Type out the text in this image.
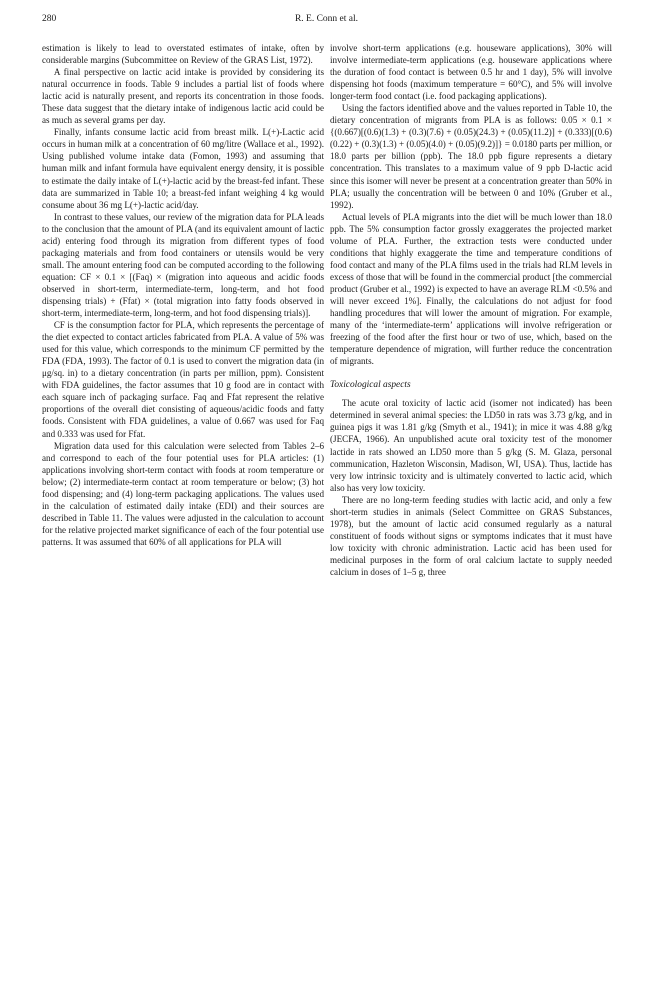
280	R. E. Conn et al.

estimation is likely to lead to overstated estimates of intake, often by considerable margins (Subcommittee on Review of the GRAS List, 1972).

A final perspective on lactic acid intake is provided by considering its natural occurrence in foods. Table 9 includes a partial list of foods where lactic acid is naturally present, and reports its concentration in those foods. These data suggest that the dietary intake of indigenous lactic acid could be as much as several grams per day.

Finally, infants consume lactic acid from breast milk. L(+)-Lactic acid occurs in human milk at a concentration of 60 mg/litre (Wallace et al., 1992). Using published volume intake data (Fomon, 1993) and assuming that human milk and infant formula have equivalent energy density, it is possible to estimate the daily intake of L(+)-lactic acid by the breast-fed infant. These data are summarized in Table 10; a breast-fed infant weighing 4 kg would consume about 36 mg L(+)-lactic acid/day.

In contrast to these values, our review of the migration data for PLA leads to the conclusion that the amount of PLA (and its equivalent amount of lactic acid) entering food through its migration from different types of food packaging materials and from food containers or utensils would be very small. The amount entering food can be computed according to the following equation: CF × 0.1 × [(Faq) × (migration into aqueous and acidic foods observed in short-term, intermediate-term, long-term, and hot food dispensing trials) + (Ffat) × (total migration into fatty foods observed in short-term, intermediate-term, long-term, and hot food dispensing trials)].

CF is the consumption factor for PLA, which represents the percentage of the diet expected to contact articles fabricated from PLA. A value of 5% was used for this value, which corresponds to the minimum CF permitted by the FDA (FDA, 1993). The factor of 0.1 is used to convert the migration data (in μg/sq. in) to a dietary concentration (in parts per million, ppm). Consistent with FDA guidelines, the factor assumes that 10 g food are in contact with each square inch of packaging surface. Faq and Ffat represent the relative proportions of the overall diet consisting of aqueous/acidic foods and fatty foods. Consistent with FDA guidelines, a value of 0.667 was used for Faq and 0.333 was used for Ffat.

Migration data used for this calculation were selected from Tables 2–6 and correspond to each of the four potential uses for PLA articles: (1) applications involving short-term contact with foods at room temperature or below; (2) intermediate-term contact at room temperature or below; (3) hot food dispensing; and (4) long-term packaging applications. The values used in the calculation of estimated daily intake (EDI) and their sources are described in Table 11. The values were adjusted in the calculation to account for the relative projected market significance of each of the four potential use patterns. It was assumed that 60% of all applications for PLA will

involve short-term applications (e.g. houseware applications), 30% will involve intermediate-term applications (e.g. houseware applications where the duration of food contact is between 0.5 hr and 1 day), 5% will involve dispensing hot foods (maximum temperature = 60°C), and 5% will involve longer-term food contact (i.e. food packaging applications).

Using the factors identified above and the values reported in Table 10, the dietary concentration of migrants from PLA is as follows: 0.05 × 0.1 × {(0.667)[(0.6)(1.3) + (0.3)(7.6) + (0.05)(24.3) + (0.05)(11.2)] + (0.333)[(0.6)(0.22) + (0.3)(1.3) + (0.05)(4.0) + (0.05)(9.2)]} = 0.0180 parts per million, or 18.0 parts per billion (ppb). The 18.0 ppb figure represents a dietary concentration. This translates to a maximum value of 9 ppb D-lactic acid since this isomer will never be present at a concentration greater than 50% in PLA; usually the concentration will be between 0 and 10% (Gruber et al., 1992).

Actual levels of PLA migrants into the diet will be much lower than 18.0 ppb. The 5% consumption factor grossly exaggerates the projected market volume of PLA. Further, the extraction tests were conducted under conditions that highly exaggerate the time and temperature conditions of food contact and many of the PLA films used in the trials had RLM levels in excess of those that will be found in the commercial product [the commercial product (Gruber et al., 1992) is expected to have an average RLM <0.5% and will never exceed 1%]. Finally, the calculations do not adjust for food handling procedures that will lower the amount of migration. For example, many of the ‘intermediate-term’ applications will involve refrigeration or freezing of the food after the first hour or two of use, which, based on the temperature dependence of migration, will further reduce the concentration of migrants.

Toxicological aspects

The acute oral toxicity of lactic acid (isomer not indicated) has been determined in several animal species: the LD50 in rats was 3.73 g/kg, and in guinea pigs it was 1.81 g/kg (Smyth et al., 1941); in mice it was 4.88 g/kg (JECFA, 1966). An unpublished acute oral toxicity test of the monomer lactide in rats showed an LD50 more than 5 g/kg (S. M. Glaza, personal communication, Hazleton Wisconsin, Madison, WI, USA). Thus, lactide has very low intrinsic toxicity and is ultimately converted to lactic acid, which also has very low toxicity.

There are no long-term feeding studies with lactic acid, and only a few short-term studies in animals (Select Committee on GRAS Substances, 1978), but the amount of lactic acid consumed regularly as a natural constituent of foods without signs or symptoms indicates that it must have low toxicity with chronic administration. Lactic acid has been used for medicinal purposes in the form of oral calcium lactate to supply needed calcium in doses of 1–5 g, three
